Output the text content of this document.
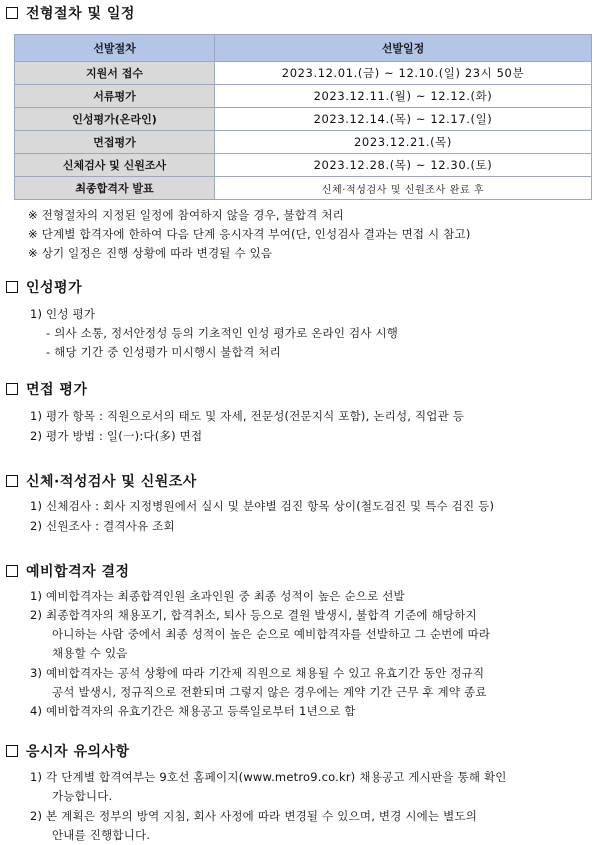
전형절차 및 일정
선발절차	선발일정
지원서 접수	2023.12.01.(금) ~ 12.10.(일) 23시 50분
서류평가	2023.12.11.(월) ~ 12.12.(화)
인성평가(온라인)	2023.12.14.(목) ~ 12.17.(일)
면접평가	2023.12.21.(목)
신체검사 및 신원조사	2023.12.28.(목) ~ 12.30.(토)
최종합격자 발표	신체·적성검사 및 신원조사 완료 후
※ 전형절차의 지정된 일정에 참여하지 않을 경우, 불합격 처리
※ 단계별 합격자에 한하여 다음 단계 응시자격 부여(단, 인성검사 결과는 면접 시 참고)
※ 상기 일정은 진행 상황에 따라 변경될 수 있음
인성평가
1) 인성 평가
- 의사 소통, 정서안정성 등의 기초적인 인성 평가로 온라인 검사 시행
- 해당 기간 중 인성평가 미시행시 불합격 처리
면접 평가
1) 평가 항목 : 직원으로서의 태도 및 자세, 전문성(전문지식 포함), 논리성, 직업관 등
2) 평가 방법 : 일(一):다(多) 면접
신체·적성검사 및 신원조사
1) 신체검사 : 회사 지정병원에서 실시 및 분야별 검진 항목 상이(철도검진 및 특수 검진 등)
2) 신원조사 : 결격사유 조회
예비합격자 결정
1) 예비합격자는 최종합격인원 초과인원 중 최종 성적이 높은 순으로 선발
2) 최종합격자의 채용포기, 합격취소, 퇴사 등으로 결원 발생시, 불합격 기준에 해당하지
아니하는 사람 중에서 최종 성적이 높은 순으로 예비합격자를 선발하고 그 순번에 따라
채용할 수 있음
3) 예비합격자는 공석 상황에 따라 기간제 직원으로 채용될 수 있고 유효기간 동안 정규직
공석 발생시, 정규직으로 전환되며 그렇지 않은 경우에는 계약 기간 근무 후 계약 종료
4) 예비합격자의 유효기간은 채용공고 등록일로부터 1년으로 함
응시자 유의사항
1) 각 단계별 합격여부는 9호선 홈페이지(www.metro9.co.kr) 채용공고 게시판을 통해 확인
가능합니다.
2) 본 계획은 정부의 방역 지침, 회사 사정에 따라 변경될 수 있으며, 변경 시에는 별도의
안내를 진행합니다.
